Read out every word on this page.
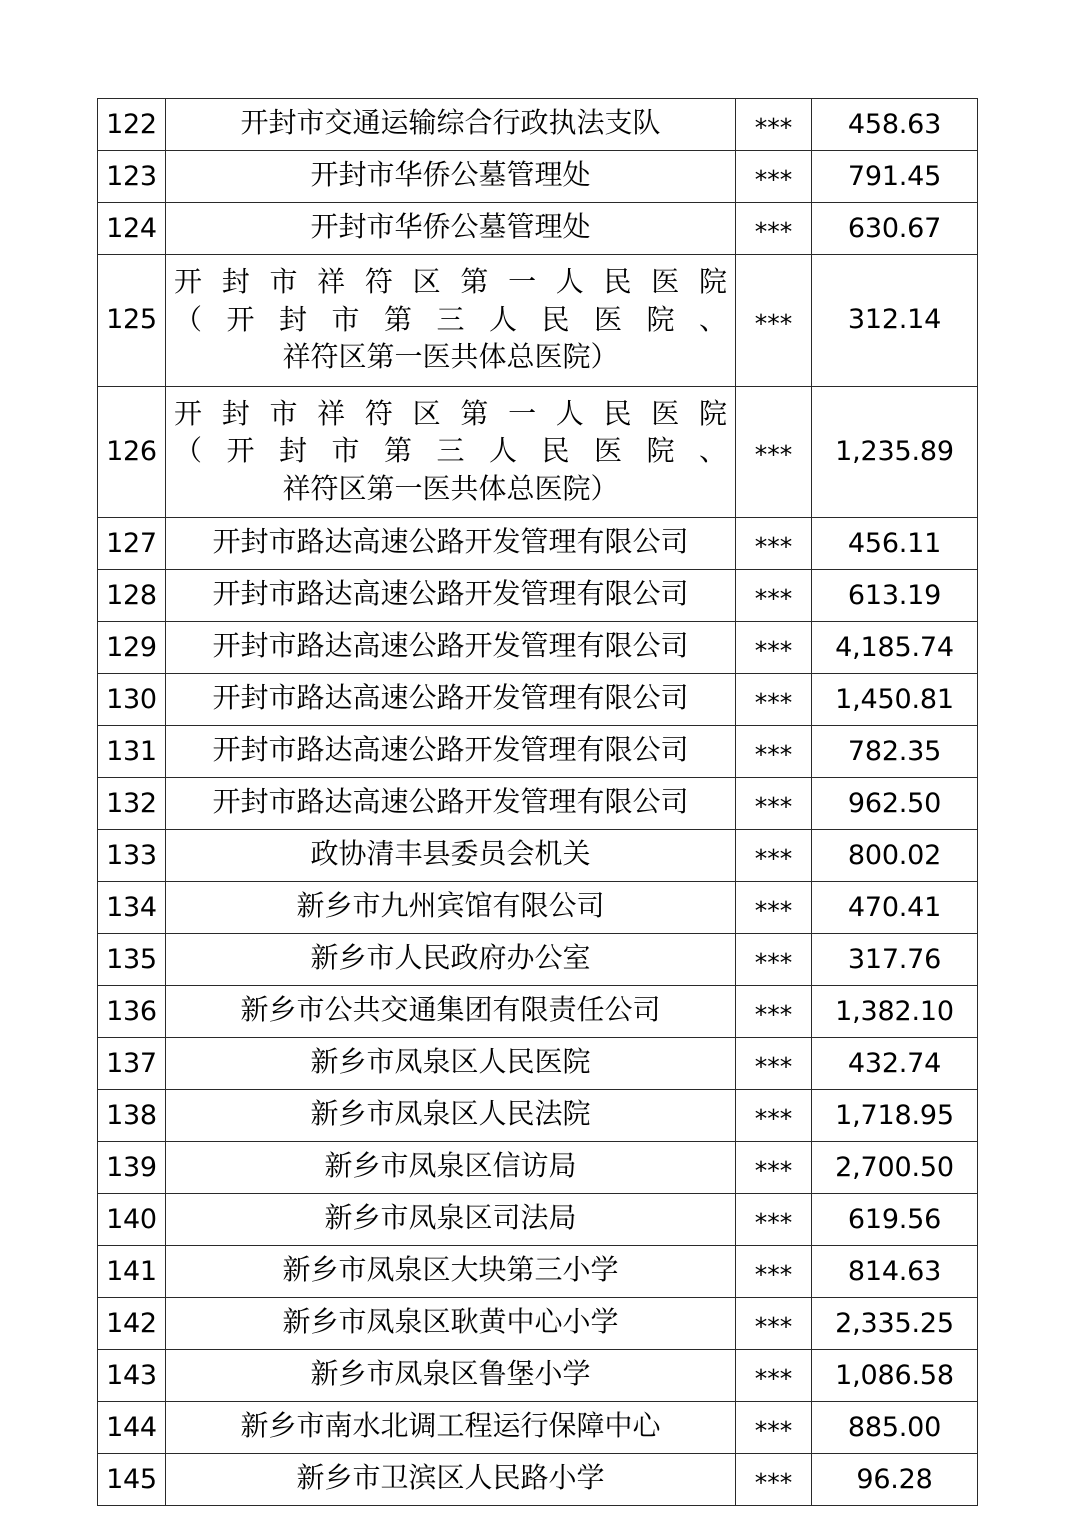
122	开封市交通运输综合行政执法支队	***	458.63
123	开封市华侨公墓管理处	***	791.45
124	开封市华侨公墓管理处	***	630.67
125	开封市祥符区第一人民医院（开封市第三人民医院、祥符区第一医共体总医院）	***	312.14
126	开封市祥符区第一人民医院（开封市第三人民医院、祥符区第一医共体总医院）	***	1,235.89
127	开封市路达高速公路开发管理有限公司	***	456.11
128	开封市路达高速公路开发管理有限公司	***	613.19
129	开封市路达高速公路开发管理有限公司	***	4,185.74
130	开封市路达高速公路开发管理有限公司	***	1,450.81
131	开封市路达高速公路开发管理有限公司	***	782.35
132	开封市路达高速公路开发管理有限公司	***	962.50
133	政协清丰县委员会机关	***	800.02
134	新乡市九州宾馆有限公司	***	470.41
135	新乡市人民政府办公室	***	317.76
136	新乡市公共交通集团有限责任公司	***	1,382.10
137	新乡市凤泉区人民医院	***	432.74
138	新乡市凤泉区人民法院	***	1,718.95
139	新乡市凤泉区信访局	***	2,700.50
140	新乡市凤泉区司法局	***	619.56
141	新乡市凤泉区大块第三小学	***	814.63
142	新乡市凤泉区耿黄中心小学	***	2,335.25
143	新乡市凤泉区鲁堡小学	***	1,086.58
144	新乡市南水北调工程运行保障中心	***	885.00
145	新乡市卫滨区人民路小学	***	96.28
